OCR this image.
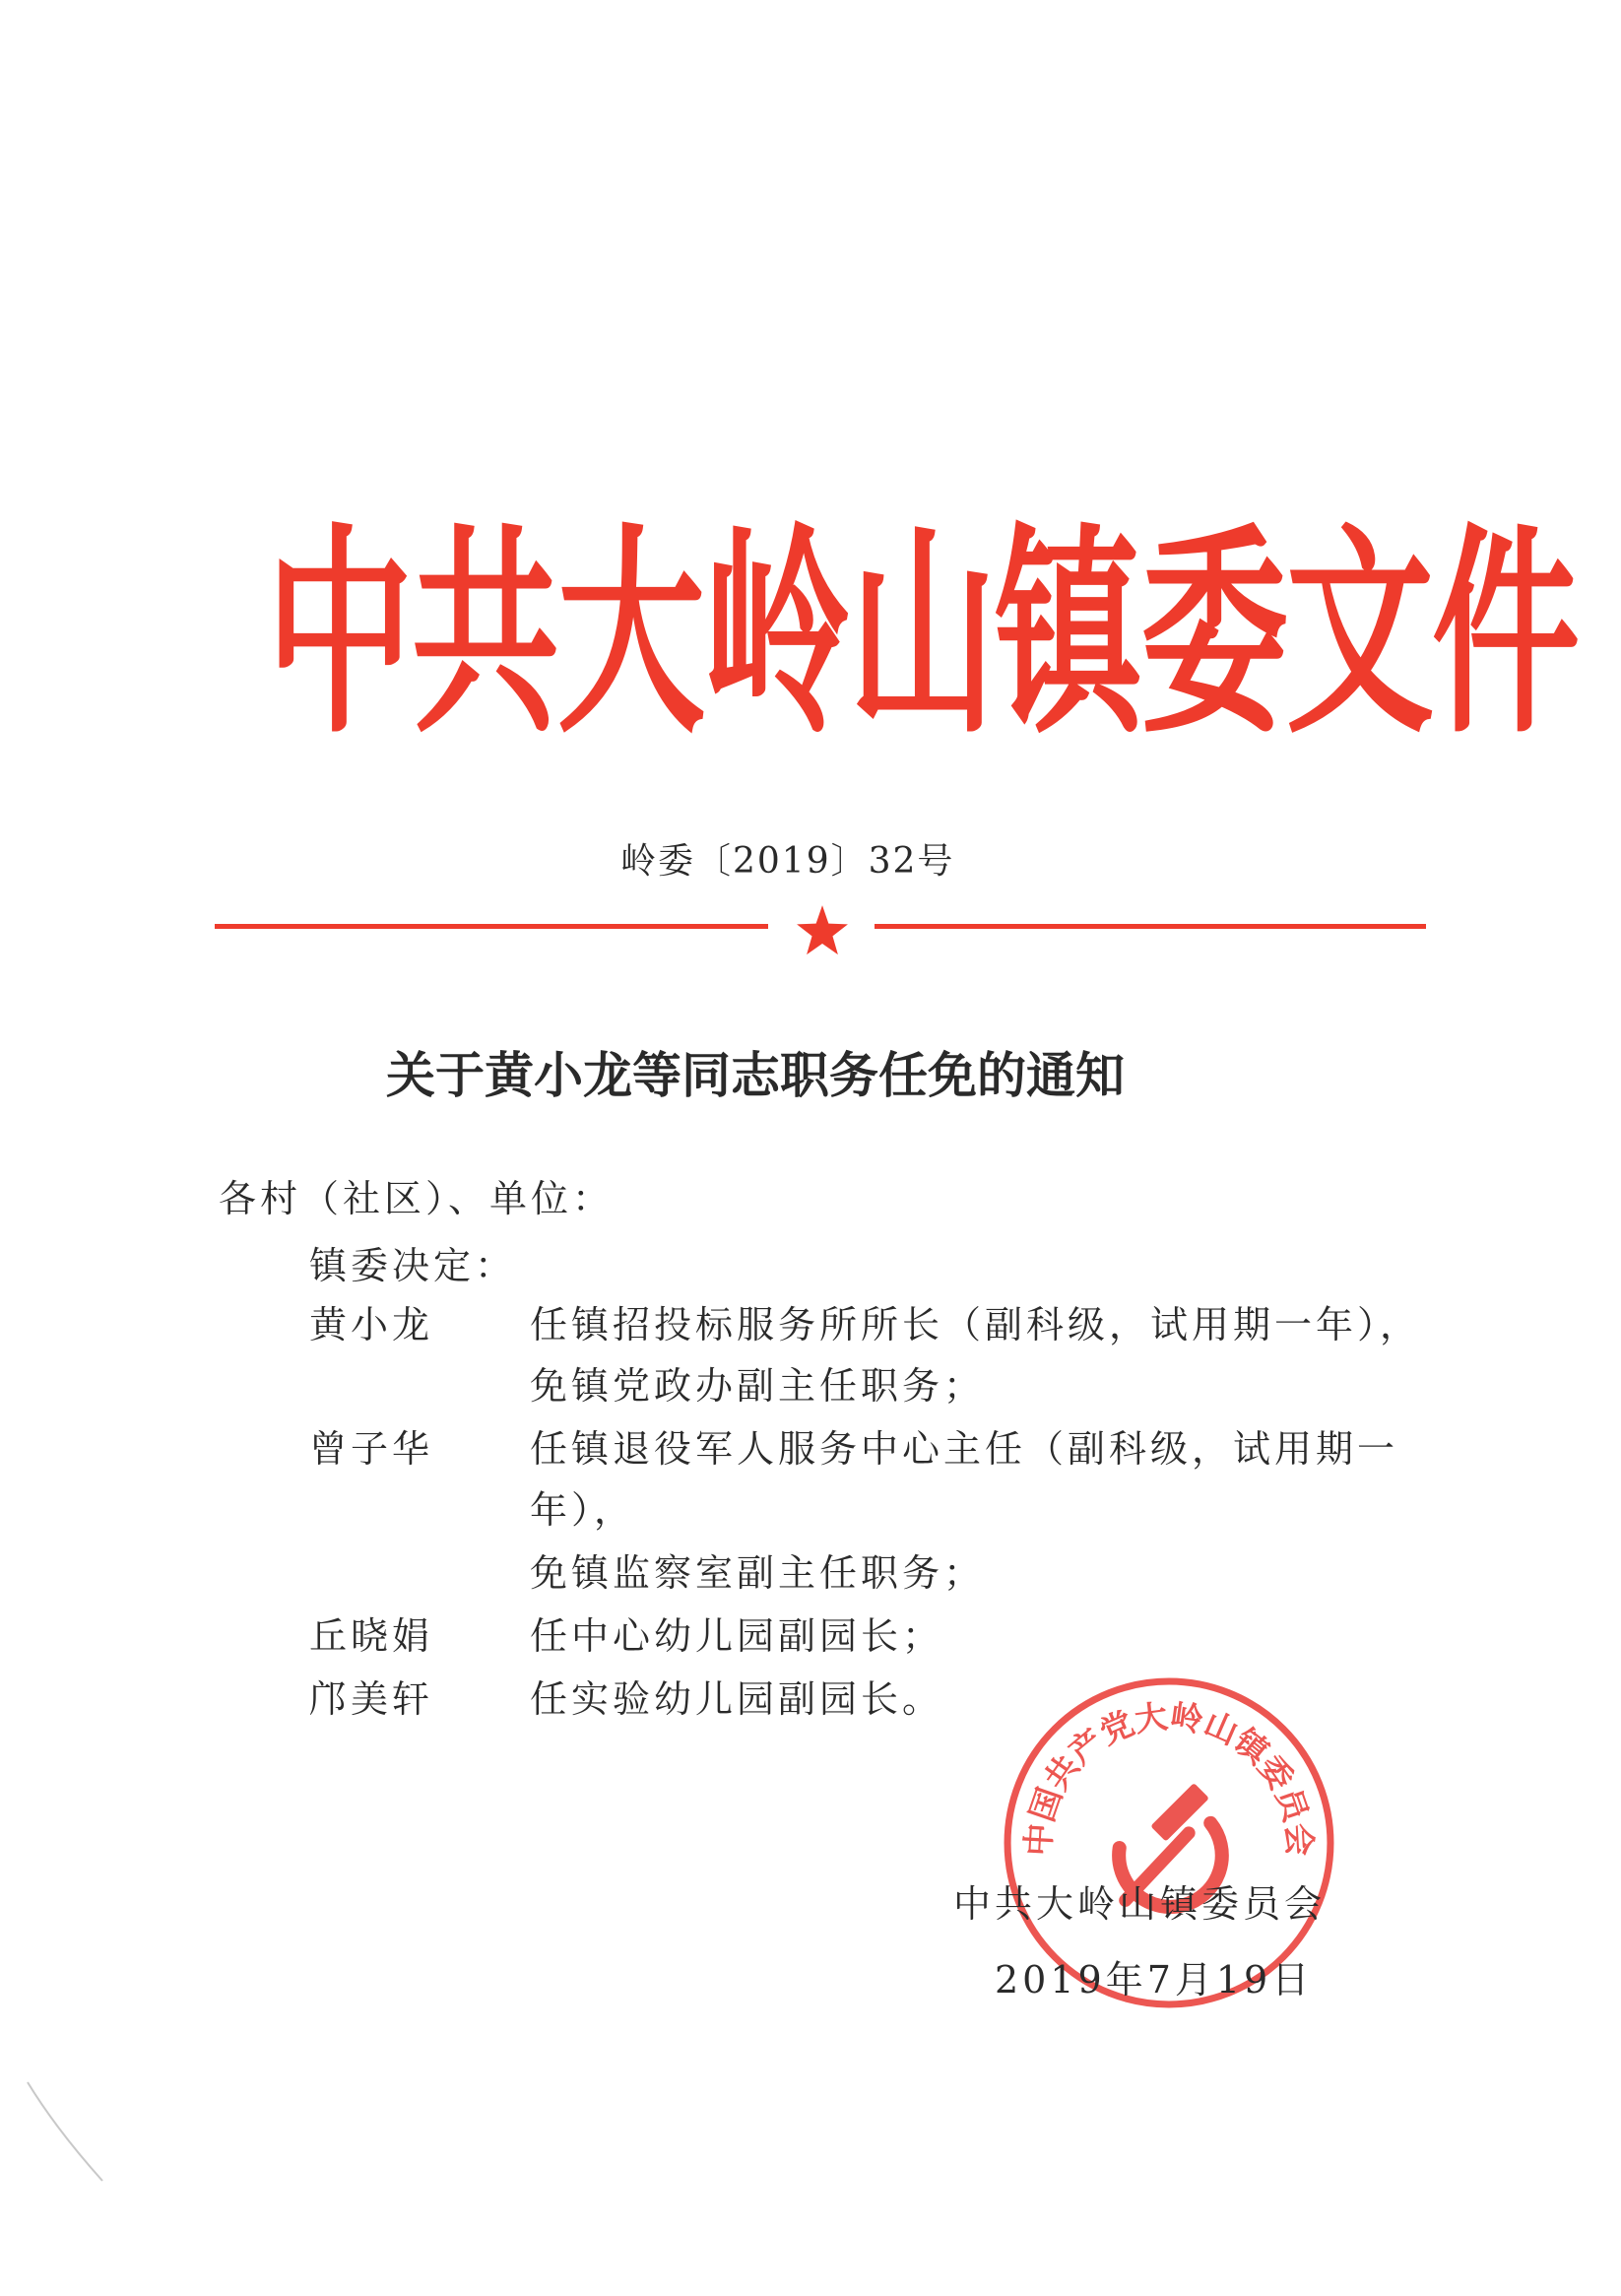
中共大岭山镇委文件
岭委〔2019〕32号
关于黄小龙等同志职务任免的通知
各村（社区）、单位：
镇委决定：
黄小龙	任镇招投标服务所所长（副科级，试用期一年），
免镇党政办副主任职务；
曾子华	任镇退役军人服务中心主任（副科级，试用期一
年），
免镇监察室副主任职务；
丘晓娟	任中心幼儿园副园长；
邝美轩	任实验幼儿园副园长。
中国共产党大岭山镇委员会
中共大岭山镇委员会
2019年7月19日
